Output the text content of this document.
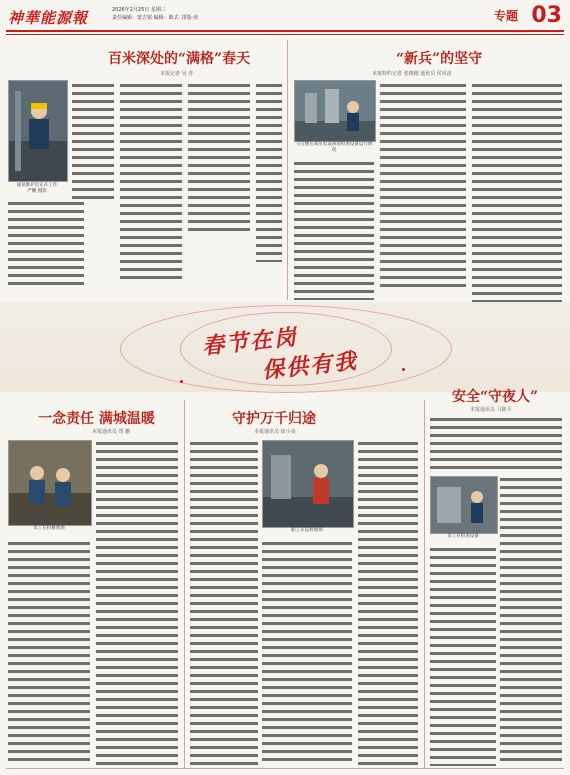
神華能源報	2026年2月25日 星期三
责任编辑：窦吉铭 编辑：陈式 ·排版·张	专题 03
百米深处的“满格”春天
本报记者 吴 青
通讯维护员正在工作
严鹏 摄影
“新兵”的坚守
本报特约记者 张晓刚 通讯员 侯凤清
马宝德在高压电设备前检查设备运行情况
春节在岗
保供有我
一念责任 满城温暖
本报通讯员 贾 鹏
员工在检修现场
守护万千归途
本报通讯员 徐小凌
职工在巡检现场
安全“守夜人”
本报通讯员 马陈平
员工在检查设备
